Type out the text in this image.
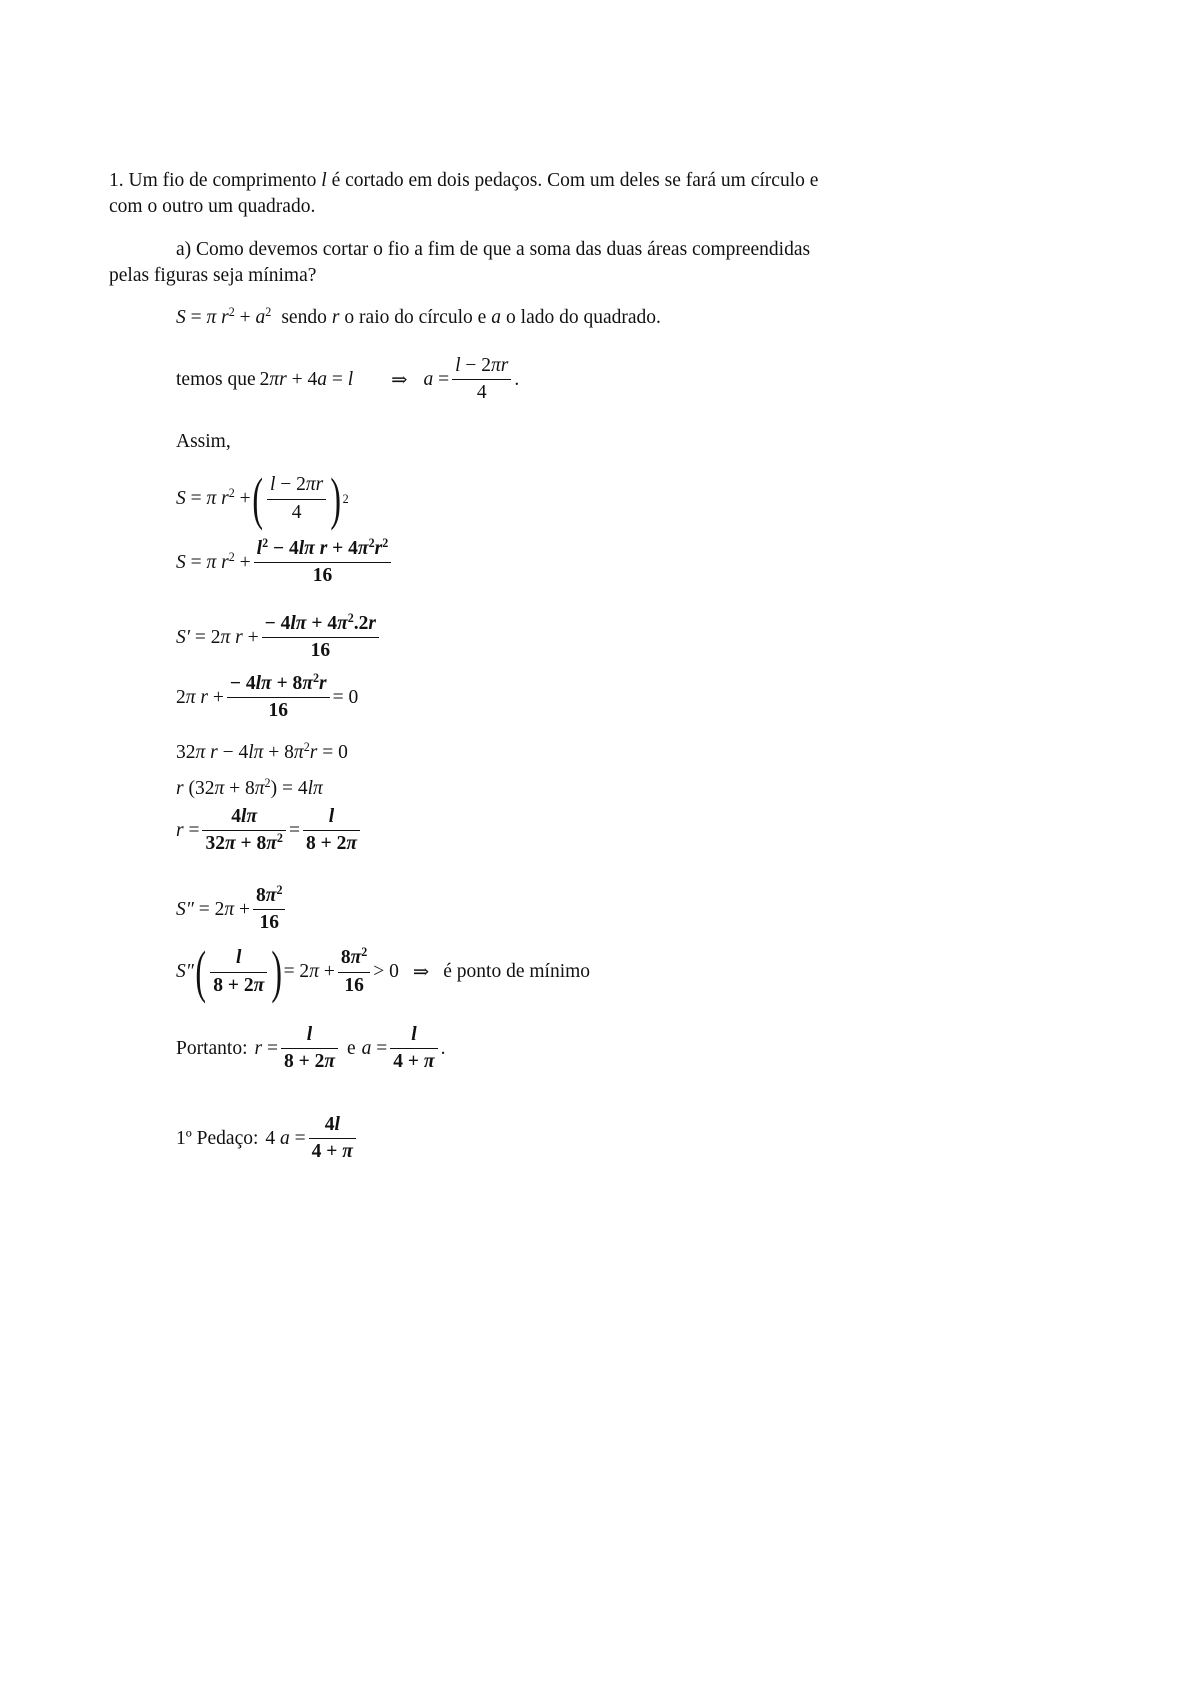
1. Um fio de comprimento l é cortado em dois pedaços. Com um deles se fará um círculo e
com o outro um quadrado.
a) Como devemos cortar o fio a fim de que a soma das duas áreas compreendidas
pelas figuras seja mínima?
S = π $r^2 + a^2$ sendo r o raio do círculo e a o lado do quadrado.
temos que 2πr + 4a = l ⇒ $a = \frac{l - 2\pi r}{4}$ .
Assim,
S = π $r^2$ + ( $\frac{l - 2\pi r}{4}$ ) 2
S = π $r^2 + \frac{l^2 - 4l\pi r + 4\pi^2r^2}{16}$
S′ = 2π $r + \frac{- 4l\pi + 4\pi^2.2r}{16}$
2π $r + \frac{- 4l\pi + 8\pi^2r}{16} = 0$
32π $r - 4l\pi + 8\pi^2r = 0$
r $(32\pi + 8\pi^2) = 4l\pi$
$r = \frac{4l\pi}{32\pi + 8\pi^2} = \frac{l}{8 + 2\pi}$
$S'' = 2\pi + \frac{8\pi^2}{16}$
S″ ( $\frac{l}{8 + 2\pi}$ ) = $2\pi + \frac{8\pi^2}{16} > 0$ ⇒ é ponto de mínimo
Portanto: $r = \frac{l}{8 + 2\pi}$ e $a = \frac{l}{4 + \pi}$ .
1º Pedaço: 4 $a = \frac{4l}{4 + \pi}$
